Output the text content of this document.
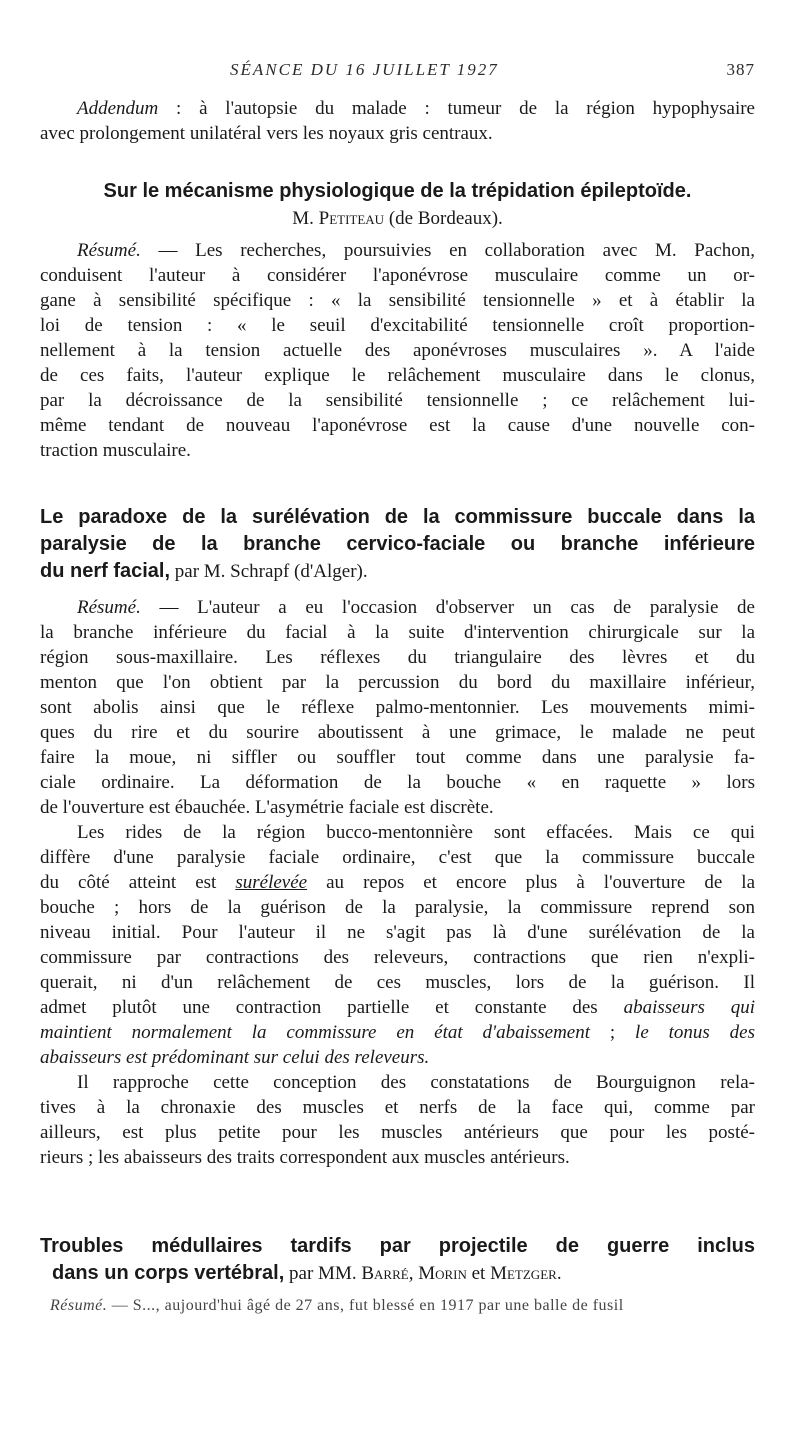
SÉANCE DU 16 JUILLET 1927	387
Addendum : à l'autopsie du malade : tumeur de la région hypophysaire
avec prolongement unilatéral vers les noyaux gris centraux.
Sur le mécanisme physiologique de la trépidation épileptoïde.
M. Petiteau (de Bordeaux).
Résumé. — Les recherches, poursuivies en collaboration avec M. Pachon,
conduisent l'auteur à considérer l'aponévrose musculaire comme un or-
gane à sensibilité spécifique : « la sensibilité tensionnelle » et à établir la
loi de tension : « le seuil d'excitabilité tensionnelle croît proportion-
nellement à la tension actuelle des aponévroses musculaires ». A l'aide
de ces faits, l'auteur explique le relâchement musculaire dans le clonus,
par la décroissance de la sensibilité tensionnelle ; ce relâchement lui-
même tendant de nouveau l'aponévrose est la cause d'une nouvelle con-
traction musculaire.
Le paradoxe de la surélévation de la commissure buccale dans la
paralysie de la branche cervico-faciale ou branche inférieure
du nerf facial, par M. Schrapf (d'Alger).
Résumé. — L'auteur a eu l'occasion d'observer un cas de paralysie de
la branche inférieure du facial à la suite d'intervention chirurgicale sur la
région sous-maxillaire. Les réflexes du triangulaire des lèvres et du
menton que l'on obtient par la percussion du bord du maxillaire inférieur,
sont abolis ainsi que le réflexe palmo-mentonnier. Les mouvements mimi-
ques du rire et du sourire aboutissent à une grimace, le malade ne peut
faire la moue, ni siffler ou souffler tout comme dans une paralysie fa-
ciale ordinaire. La déformation de la bouche « en raquette » lors
de l'ouverture est ébauchée. L'asymétrie faciale est discrète.
Les rides de la région bucco-mentonnière sont effacées. Mais ce qui
diffère d'une paralysie faciale ordinaire, c'est que la commissure buccale
du côté atteint est surélevée au repos et encore plus à l'ouverture de la
bouche ; hors de la guérison de la paralysie, la commissure reprend son
niveau initial. Pour l'auteur il ne s'agit pas là d'une surélévation de la
commissure par contractions des releveurs, contractions que rien n'expli-
querait, ni d'un relâchement de ces muscles, lors de la guérison. Il
admet plutôt une contraction partielle et constante des abaisseurs qui
maintient normalement la commissure en état d'abaissement ; le tonus des
abaisseurs est prédominant sur celui des releveurs.
Il rapproche cette conception des constatations de Bourguignon rela-
tives à la chronaxie des muscles et nerfs de la face qui, comme par
ailleurs, est plus petite pour les muscles antérieurs que pour les posté-
rieurs ; les abaisseurs des traits correspondent aux muscles antérieurs.
Troubles médullaires tardifs par projectile de guerre inclus
dans un corps vertébral, par MM. Barré, Morin et Metzger.
Résumé. — S..., aujourd'hui âgé de 27 ans, fut blessé en 1917 par une balle de fusil
